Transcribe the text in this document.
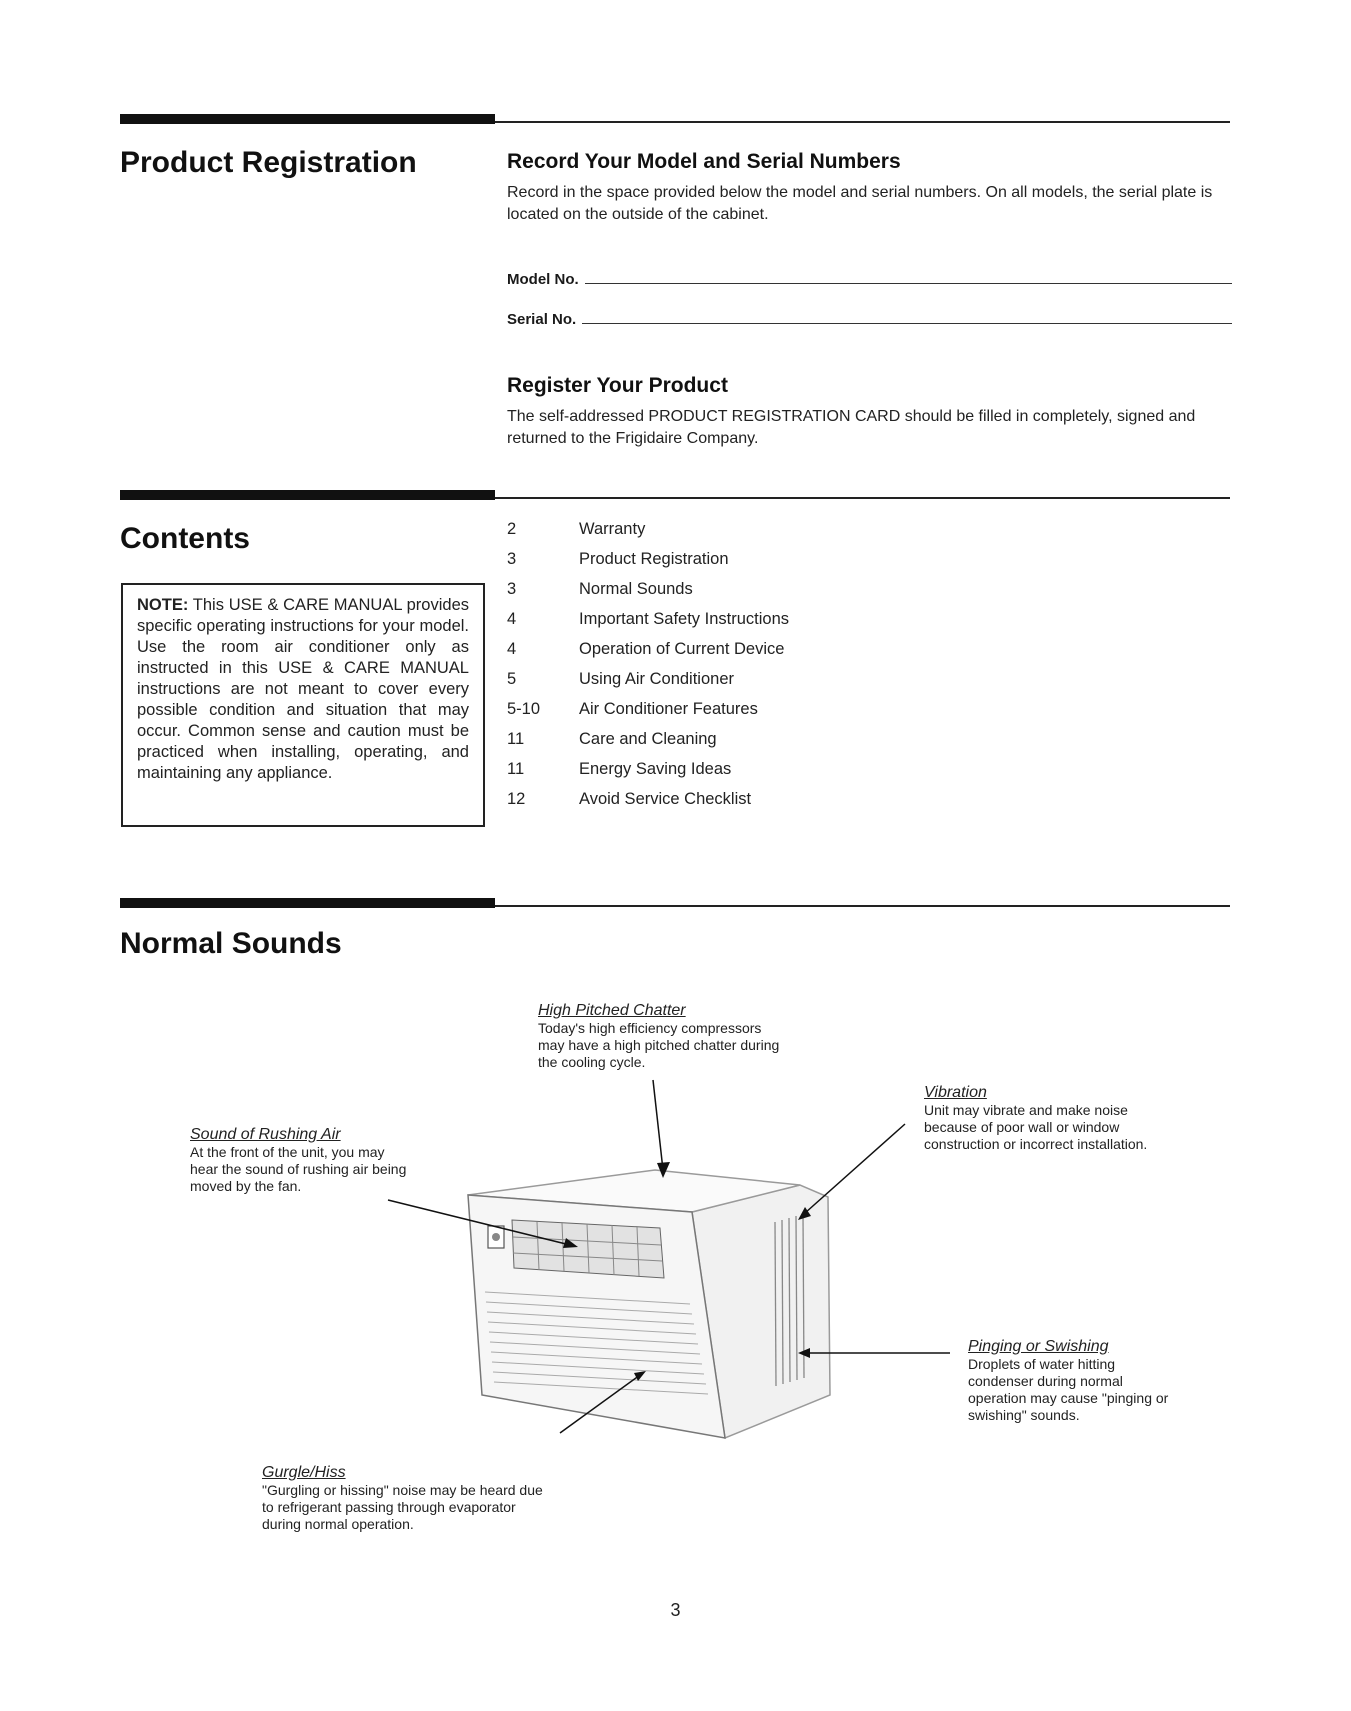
Product Registration	Record Your Model and Serial Numbers

Record in the space provided below the model and serial numbers. On all models, the serial plate is located on the outside of the cabinet.

Model No.
Serial No.
Register Your Product

The self-addressed PRODUCT REGISTRATION CARD should be filled in completely, signed and returned to the Frigidaire Company.

Contents
NOTE: This USE & CARE MANUAL provides specific operating instructions for your model. Use the room air conditioner only as instructed in this USE & CARE MANUAL instructions are not meant to cover every possible condition and situation that may occur. Common sense and caution must be practiced when installing, operating, and maintaining any appliance.
2	Warranty
3	Product Registration
3	Normal Sounds
4	Important Safety Instructions
4	Operation of Current Device
5	Using Air Conditioner
5-10	Air Conditioner Features
11	Care and Cleaning
11	Energy Saving Ideas
12	Avoid Service Checklist
Normal Sounds
High Pitched Chatter
Today's high efficiency compressors may have a high pitched chatter during the cooling cycle.
Vibration
Unit may vibrate and make noise because of poor wall or window construction or incorrect installation.
Sound of Rushing Air
At the front of the unit, you may hear the sound of rushing air being moved by the fan.
Pinging or Swishing
Droplets of water hitting condenser during normal operation may cause "pinging or swishing" sounds.
Gurgle/Hiss
"Gurgling or hissing" noise may be heard due to refrigerant passing through evaporator during normal operation.
3
